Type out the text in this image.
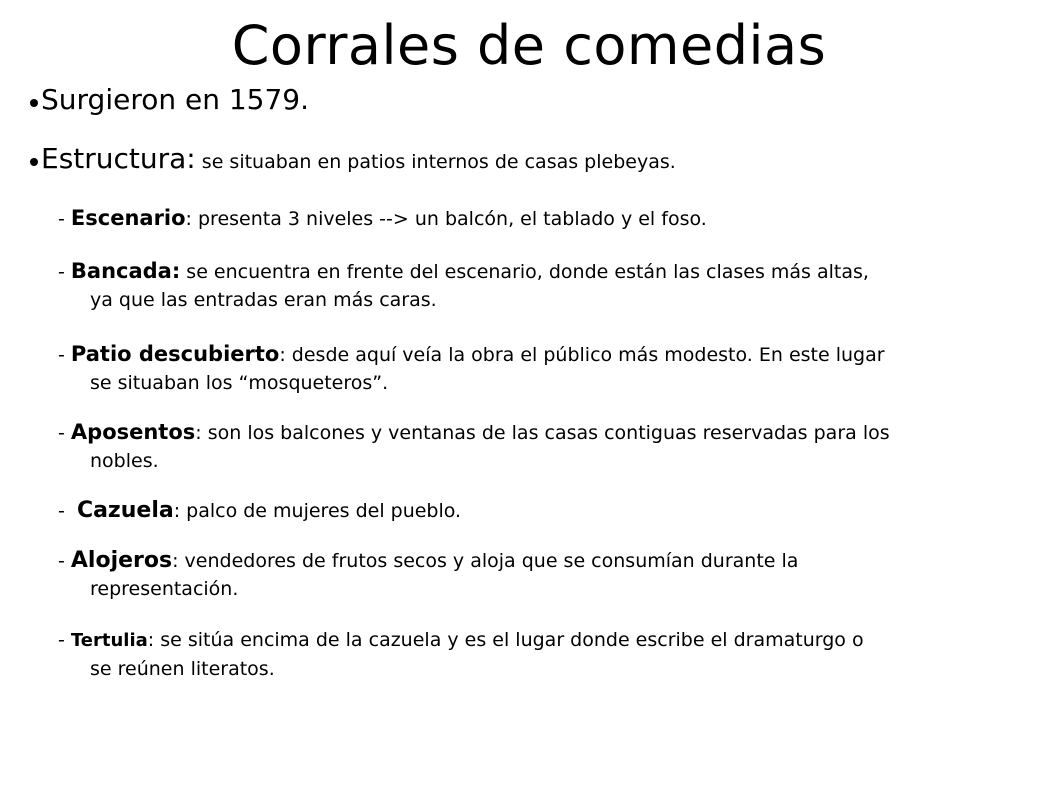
Corrales de comedias
Surgieron en 1579.
Estructura: se situaban en patios internos de casas plebeyas.
- Escenario: presenta 3 niveles --> un balcón, el tablado y el foso.
- Bancada: se encuentra en frente del escenario, donde están las clases más altas,
ya que las entradas eran más caras.
- Patio descubierto: desde aquí veía la obra el público más modesto. En este lugar
se situaban los “mosqueteros”.
- Aposentos: son los balcones y ventanas de las casas contiguas reservadas para los
nobles.
-  Cazuela: palco de mujeres del pueblo.
- Alojeros: vendedores de frutos secos y aloja que se consumían durante la
representación.
- Tertulia: se sitúa encima de la cazuela y es el lugar donde escribe el dramaturgo o
se reúnen literatos.
